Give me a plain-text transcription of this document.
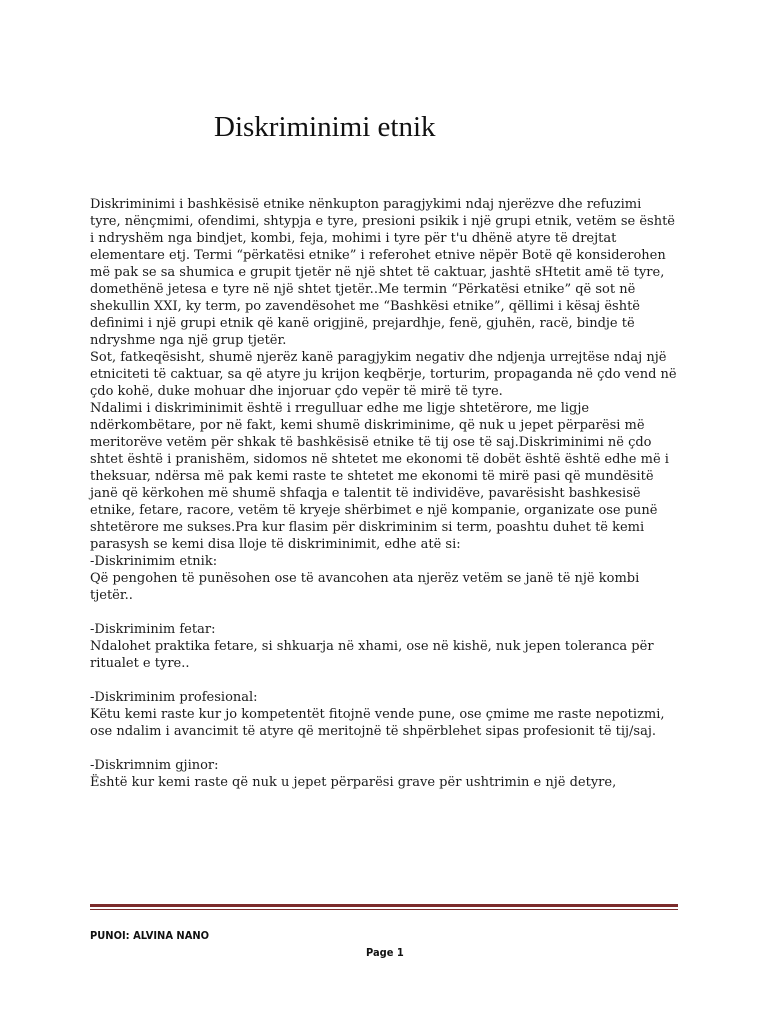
Diskriminimi etnik
Diskriminimi i bashkësisë etnike nënkupton paragjykimi ndaj njerëzve dhe refuzimi
tyre, nënçmimi, ofendimi, shtypja e tyre, presioni psikik i një grupi etnik, vetëm se është
i ndryshëm nga bindjet, kombi, feja, mohimi i tyre për t'u dhënë atyre të drejtat
elementare etj. Termi “përkatësi etnike” i referohet etnive nëpër Botë që konsiderohen
më pak se sa shumica e grupit tjetër në një shtet të caktuar, jashtë sHtetit amë të tyre,
domethënë jetesa e tyre në një shtet tjetër..Me termin “Përkatësi etnike” që sot në
shekullin XXI, ky term, po zavendësohet me “Bashkësi etnike”, qëllimi i kësaj është
definimi i një grupi etnik që kanë origjinë, prejardhje, fenë, gjuhën, racë, bindje të
ndryshme nga një grup tjetër.
Sot, fatkeqësisht, shumë njerëz kanë paragjykim negativ dhe ndjenja urrejtëse ndaj një
etniciteti të caktuar, sa që atyre ju krijon keqbërje, torturim, propaganda në çdo vend në
çdo kohë, duke mohuar dhe injoruar çdo vepër të mirë të tyre.
Ndalimi i diskriminimit është i rregulluar edhe me ligje shtetërore, me ligje
ndërkombëtare, por në fakt, kemi shumë diskriminime, që nuk u jepet përparësi më
meritorëve vetëm për shkak të bashkësisë etnike të tij ose të saj.Diskriminimi në çdo
shtet është i pranishëm, sidomos në shtetet me ekonomi të dobët është është edhe më i
theksuar, ndërsa më pak kemi raste te shtetet me ekonomi të mirë pasi që mundësitë
janë që kërkohen më shumë shfaqja e talentit të individëve, pavarësisht bashkesisë
etnike, fetare, racore, vetëm të kryeje shërbimet e një kompanie, organizate ose punë
shtetërore me sukses.Pra kur flasim për diskriminim si term, poashtu duhet të kemi
parasysh se kemi disa lloje të diskriminimit, edhe atë si:
-Diskrinimim etnik:
Që pengohen të punësohen ose të avancohen ata njerëz vetëm se janë të një kombi
tjetër..
-Diskriminim fetar:
Ndalohet praktika fetare, si shkuarja në xhami, ose në kishë, nuk jepen toleranca për
ritualet e tyre..
-Diskriminim profesional:
Këtu kemi raste kur jo kompetentët fitojnë vende pune, ose çmime me raste nepotizmi,
ose ndalim i avancimit të atyre që meritojnë të shpërblehet sipas profesionit të tij/saj.
-Diskrimnim gjinor:
Është kur kemi raste që nuk u jepet përparësi grave për ushtrimin e një detyre,
PUNOI: ALVINA NANO
Page 1
